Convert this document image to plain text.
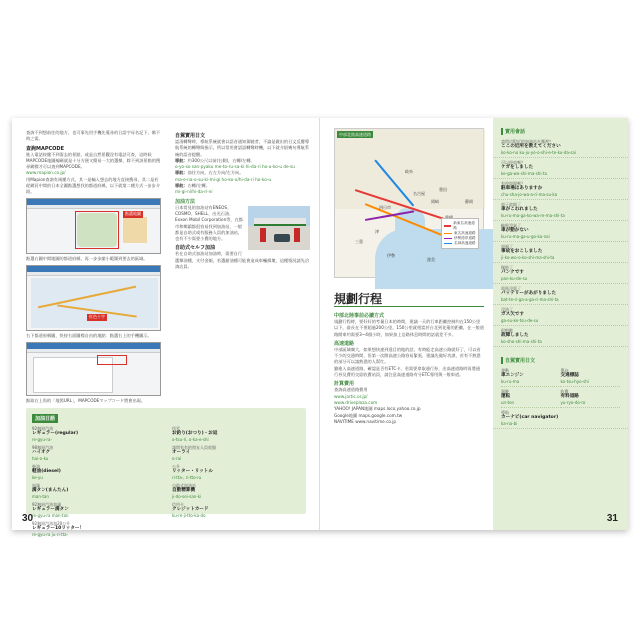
查詢不到想前往的地方，也可事先用手機先蒐尋的日語字母名記下，備不時之需。

查詢MAPCODE

進入電話按鍵不到需去的景點，或是自然景觀沒有電話可查，這時候MAPCODE地圖編碼就是十分方便又簡易一大的選擇，除不到該景點的搜尋網標才可以查到MAPCODE。

www.mapion.co.jp/

用Mapion查詢有兩種方式，其一是輸入想去的地方直接搜尋，其二是若從網頁中間的日本全圖點選想找的都道府縣，以下就第二種方式一步步介紹。

點選地圖

點選右圖中間地圖的都道府縣，再一步步縮小範圍到要去的區域。

紅色十字

右下都道府縣圖，快按右面圖標自由的地點：點選右上的手機圖示。

點取右上角的「地図URL」，MAPCODEマップコード將會出現。

自駕實用日文

認清轉彎時，導航系統就會以語音通知駕駛者，不論是做出的日文反覆導航系統的轉彎與指示，所以常用會語語轉彎時機，以下就介紹幾句導航系統的語音提醒。

導航：約300公尺以前(右側)，右轉/左轉。

o-yo-so san-pyaku me-to-ru-sa-ki hi-da-ri ho-u-ko-u de-su

導航：前往方向，右左方向/左方向。

ma-e-na-o-su-ki-mi-gi ho-ko-u/hi-da-ri ho-ko-u

導航：右轉/左轉。

mi-gi-ni/hi-da-ri-ni

加油方法

日本常見的加油站有ENEOS、COSMO、SHELL、出光石油、Exxon Mobil Corporation等，在都市和鄉鎮都很容易找到加油站，一般都是自助式或有服務人員的加油站，也有不少需要小費的地方。

自助式セルフ加油

若在自助式加油站加油時，需要自行選擇油種、支付金額，若選錯油種可能會造成車輛損壞，這種情況請先洽詢店員。

加油日語
92無鉛汽油
レギュラー(regular)
re-gyu-ra-
98無鉛汽油
ハイオク
hai-o-ku
柴油
軽油(diesel)
ke-yu
加滿
満タン(まんたん)
man-tan
92無鉛汽油加滿
レギュラー満タン
re-gyu-ra man-tan
92無鉛汽油加20公升
レギュラー10リッター！
re-gyu-ra ju-ri-tta-
找零
お釣り(おつり)・お返
o-tsu-ri, o-ka-e-shi
請問有有的朋友人員收銀
オーライ
o-rai
公升
リッター・リットル
ri-tta-, ri-tto-ru
自助式加油站
自動精算機
ji-do-sei-san-ki
信用卡
クレジットカード
ku-re-ji-tto-ka-do
30
名古屋
岐阜
豊田
岡崎	静岡
四日市
津
伊勢
三重
渥美
中部北陸高速道路
新東名高速道路
東名高速道路
伊勢湾岸道路
名神高速道路
規劃行程

中部北陸事前必讀方式

規劃行程時，要好好的考量日本的時間，建議一天的行車距離控制約在150公里以下，最長在不要超過200公里，150公里就相當於台北到花蓮的距離，在一般道路開車約需要3~4個小時，如果加上沿路休息時間的話就差不多。

高速道路

中部區域廣大，如果想快速到達目的地的話，有時能走高速公路就好了，可以省不少的交通時間，但第一次開高速公路容易緊張，建議先做好功課，若有不熟悉的部分可以請熟悉的人幫忙。

雖進入高速道路，確認是否有ETC卡，若需要拿取通行券，出高速道路時再將通行券及費用交給收費站員，請注意高速道路有分ETC專用與一般車道。

計算費用

查詢高速道路費用

www.jartic.or.jp/

www.driveplaza.com

YAHOO! JAPAN地圖 maps.loco.yahoo.co.jp

Google地圖 maps.google.com.tw

NAVITIME www.navitime.co.jp

實用會話
請問這附近的加油站在哪裡？
ここの近所を教えてください
ko-ko-no ku-ju-yo-o-shi-e-te-ku-da-sai
可以停車嗎？
ケガをしました
ke-ga-wo-shi-ma-shi-ta
有停車場嗎？
駐車場はありますか
chu-sha-jo-wa-a-ri-ma-su-ka
車子故障了
車がこわれました
ku-ru-ma-ga-ko-wa-re-ma-shi-ta
輪胎沒氣了
車が動かない
ku-ru-ma-ga-u-go-ka-nai
車禍了
事故をおこしました
ji-ko-wo-o-ko-shi-ma-shi-ta
爆胎了
パンクです
pan-ku-de-su
電瓶沒電了
バッテリーがあがりました
bat-te-ri-ga-a-ga-ri-ma-shi-ta
沒油了
ガス欠です
ga-su-ke-tsu-de-su
很抱歉
故障しました
ko-sho-shi-ma-shi-ta
自駕實用日文
發動
車エンジン
ku-ru-ma
駕駛
運転
un-ten
單向
交通標誌
ko-tsu-hyo-shi
收費
有料道路
yu-ryo-do-ro
導航
カーナビ(car navigator)
ka-na-bi
31
